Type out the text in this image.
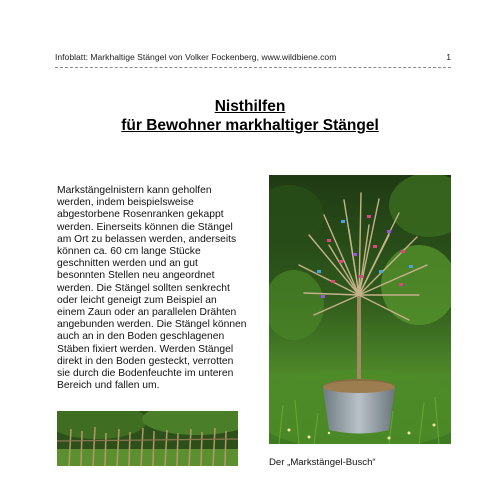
Infoblatt: Markhaltige Stängel von Volker Fockenberg, www.wildbiene.com	1
Nisthilfen
für Bewohner markhaltiger Stängel
Markstängelnistern kann geholfen werden, indem beispielsweise abgestorbene Rosenranken gekappt werden. Einerseits können die Stängel am Ort zu belassen werden, anderseits können ca. 60 cm lange Stücke geschnitten werden und an gut besonnten Stellen neu angeordnet werden. Die Stängel sollten senkrecht oder leicht geneigt zum Beispiel an einem Zaun oder an parallelen Drähten angebunden werden. Die Stängel können auch an in den Boden geschlagenen Stäben fixiert werden. Werden Stängel direkt in den Boden gesteckt, verrotten sie durch die Bodenfeuchte im unteren Bereich und fallen um.
Der „Markstängel-Busch“
